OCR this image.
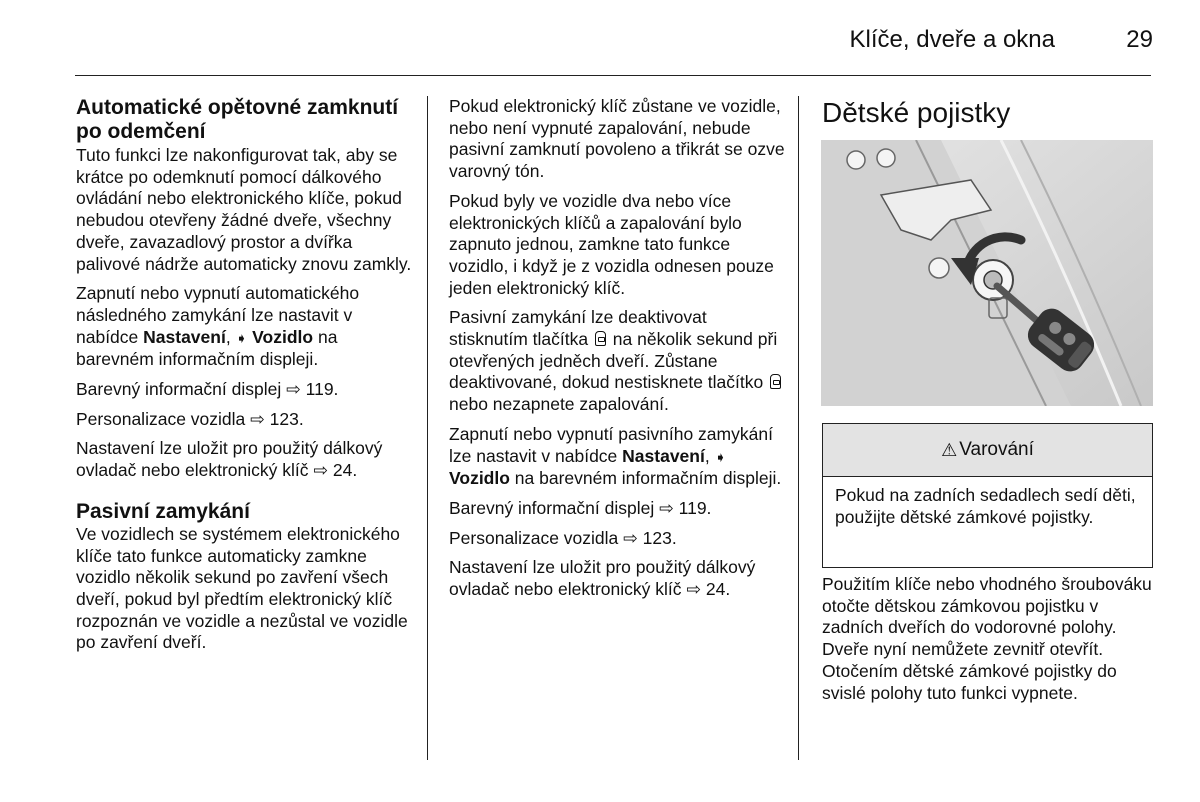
Klíče, dveře a okna	29
Automatické opětovné zamknutí po odemčení

Tuto funkci lze nakonfigurovat tak, aby se krátce po odemknutí pomocí dálkového ovládání nebo elektronického klíče, pokud nebudou otevřeny žádné dveře, všechny dveře, zavazadlový prostor a dvířka palivové nádrže automaticky znovu zamkly.

Zapnutí nebo vypnutí automatického následného zamykání lze nastavit v nabídce Nastavení, ➧ Vozidlo na barevném informačním displeji.

Barevný informační displej ⇨ 119.

Personalizace vozidla ⇨ 123.

Nastavení lze uložit pro použitý dálkový ovladač nebo elektronický klíč ⇨ 24.

Pasivní zamykání

Ve vozidlech se systémem elektronického klíče tato funkce automaticky zamkne vozidlo několik sekund po zavření všech dveří, pokud byl předtím elektronický klíč rozpoznán ve vozidle a nezůstal ve vozidle po zavření dveří.

Pokud elektronický klíč zůstane ve vozidle, nebo není vypnuté zapalování, nebude pasivní zamknutí povoleno a třikrát se ozve varovný tón.

Pokud byly ve vozidle dva nebo více elektronických klíčů a zapalování bylo zapnuto jednou, zamkne tato funkce vozidlo, i když je z vozidla odnesen pouze jeden elektronický klíč.

Pasivní zamykání lze deaktivovat stisknutím tlačítka  na několik sekund při otevřených jedněch dveří. Zůstane deaktivované, dokud nestisknete tlačítko  nebo nezapnete zapalování.

Zapnutí nebo vypnutí pasivního zamykání lze nastavit v nabídce Nastavení, ➧ Vozidlo na barevném informačním displeji.

Barevný informační displej ⇨ 119.

Personalizace vozidla ⇨ 123.

Nastavení lze uložit pro použitý dálkový ovladač nebo elektronický klíč ⇨ 24.

Dětské pojistky
⚠ Varování
Pokud na zadních sedadlech sedí děti, použijte dětské zámkové pojistky.

Použitím klíče nebo vhodného šroubováku otočte dětskou zámkovou pojistku v zadních dveřích do vodorovné polohy. Dveře nyní nemůžete zevnitř otevřít. Otočením dětské zámkové pojistky do svislé polohy tuto funkci vypnete.
